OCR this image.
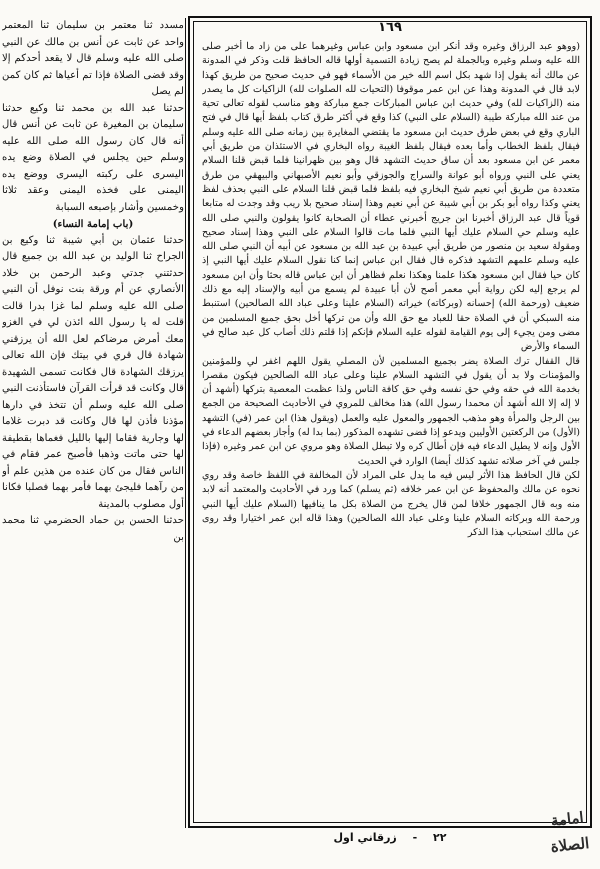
١٦٩

(ووهو عبد الرزاق وغيره وقد أنكر ابن مسعود وابن عباس وغيرهما على من زاد ما أخبر صلى الله عليه وسلم وغيره وبالجملة لم يصح زيادة التسمية أولها قاله الحافظ قلت وذكر في المدونة عن مالك أنه يقول إذا شهد بكل اسم الله خير من الأسماء فهو في حديث صحيح من طريق كهذا لابد قال في المدونة وهذا عن ابن عمر موقوفا (التحيات لله الصلوات لله) الزاكيات كل ما يصدر منه (الزاكيات لله) وفي حديث ابن عباس المباركات جمع مباركة وهو مناسب لقوله تعالى تحية من عند الله مباركة طيبة (السلام على النبي) كذا وقع في أكثر طرق كتاب بلفظ أيها قال في فتح الباري وقع في بعض طرق حديث ابن مسعود ما يقتضي المغايرة بين زمانه صلى الله عليه وسلم فيقال بلفظ الخطاب وأما بعده فيقال بلفظ الغيبة رواه البخاري في الاستئذان من طريق أبي معمر عن ابن مسعود بعد أن ساق حديث التشهد قال وهو بين ظهرانينا فلما قبض قلنا السلام يعني على النبي ورواه أبو عوانة والسراج والجوزقي وأبو نعيم الأصبهاني والبيهقي من طرق متعددة من طريق أبي نعيم شيخ البخاري فيه بلفظ فلما قبض قلنا السلام على النبي بحذف لفظ يعني وكذا رواه أبو بكر بن أبي شيبة عن أبي نعيم وهذا إسناد صحيح بلا ريب وقد وجدت له متابعا قوياً قال عبد الرزاق أخبرنا ابن جريج أخبرني عطاء أن الصحابة كانوا يقولون والنبي صلى الله عليه وسلم حي السلام عليك أيها النبي فلما مات قالوا السلام على النبي وهذا إسناد صحيح ومقولة سعيد بن منصور من طريق أبي عبيدة بن عبد الله بن مسعود عن أبيه أن النبي صلى الله عليه وسلم علمهم التشهد فذكره قال فقال ابن عباس إنما كنا نقول السلام عليك أيها النبي إذ كان حيا فقال ابن مسعود هكذا علمنا وهكذا نعلم فظاهر أن ابن عباس قاله بحثا وأن ابن مسعود لم يرجع إليه لكن رواية أبي معمر أصح لأن أبا عبيدة لم يسمع من أبيه والإسناد إليه مع ذلك ضعيف (ورحمة الله) إحسانه (وبركاته) خيراته (السلام علينا وعلى عباد الله الصالحين) استنبط منه السبكي أن في الصلاة حقا للعباد مع حق الله وأن من تركها أخل بحق جميع المسلمين من مضى ومن يجيء إلى يوم القيامة لقوله عليه السلام فإنكم إذا قلتم ذلك أصاب كل عبد صالح في السماء والأرض

قال القفال ترك الصلاة يضر بجميع المسلمين لأن المصلي يقول اللهم اغفر لي وللمؤمنين والمؤمنات ولا بد أن يقول في التشهد السلام علينا وعلى عباد الله الصالحين فيكون مقصرا بخدمة الله في حقه وفي حق نفسه وفي حق كافة الناس ولذا عظمت المعصية بتركها (أشهد أن لا إله إلا الله أشهد أن محمدا رسول الله) هذا مخالف للمروي في الأحاديث الصحيحة من الجمع بين الرجل والمرأة وهو مذهب الجمهور والمعول عليه والعمل (ويقول هذا) ابن عمر (في) التشهد (الأول) من الركعتين الأوليين ويدعو إذا قضى تشهده المذكور (بما بدا له) وأجاز بعضهم الدعاء في الأول وإنه لا يطيل الدعاء فيه فإن أطال كره ولا تبطل الصلاة وهو مروي عن ابن عمر وغيره (فإذا جلس في آخر صلاته تشهد كذلك أيضا) الوارد في الحديث

لكن قال الحافظ هذا الأثر ليس فيه ما يدل على المراد لأن المخالفة في اللفظ خاصة وقد روي نحوه عن مالك والمحفوظ عن ابن عمر خلافه (ثم يسلم) كما ورد في الأحاديث والمعتمد أنه لابد منه وبه قال الجمهور خلافا لمن قال يخرج من الصلاة بكل ما ينافيها (السلام عليك أيها النبي ورحمة الله وبركاته السلام علينا وعلى عباد الله الصالحين) وهذا قاله ابن عمر اختيارا وقد روى عن مالك استحباب هذا الذكر

مسدد ثنا معتمر بن سليمان ثنا المعتمر واحد عن ثابت عن أنس بن مالك عن النبي صلى الله عليه وسلم قال لا يقعد أحدكم إلا وقد قضى الصلاة فإذا تم أعياها ثم كان كمن لم يصل

حدثنا عبد الله بن محمد ثنا وكيع حدثنا سليمان بن المغيرة عن ثابت عن أنس قال أنه قال كان رسول الله صلى الله عليه وسلم حين يجلس في الصلاة وضع يده اليسرى على ركبته اليسرى ووضع يده اليمنى على فخذه اليمنى وعقد ثلاثا وخمسين وأشار بإصبعه السبابة

(باب إمامة النساء)

حدثنا عثمان بن أبي شيبة ثنا وكيع بن الجراح ثنا الوليد بن عبد الله بن جميع قال حدثتني جدتي وعبد الرحمن بن خلاد الأنصاري عن أم ورقة بنت نوفل أن النبي صلى الله عليه وسلم لما غزا بدرا قالت قلت له يا رسول الله ائذن لي في الغزو معك أمرض مرضاكم لعل الله أن يرزقني شهادة قال قري في بيتك فإن الله تعالى يرزقك الشهادة قال فكانت تسمى الشهيدة قال وكانت قد قرأت القرآن فاستأذنت النبي صلى الله عليه وسلم أن تتخذ في دارها مؤذنا فأذن لها قال وكانت قد دبرت غلاما لها وجارية فقاما إليها بالليل فغماها بقطيفة لها حتى ماتت وذهبا فأصبح عمر فقام في الناس فقال من كان عنده من هذين علم أو من رآهما فليجئ بهما فأمر بهما فصلبا فكانا أول مصلوب بالمدينة

حدثنا الحسن بن حماد الحضرمي ثنا محمد بن

امامة
الصلاة
٢٢ - زرقاني اول
